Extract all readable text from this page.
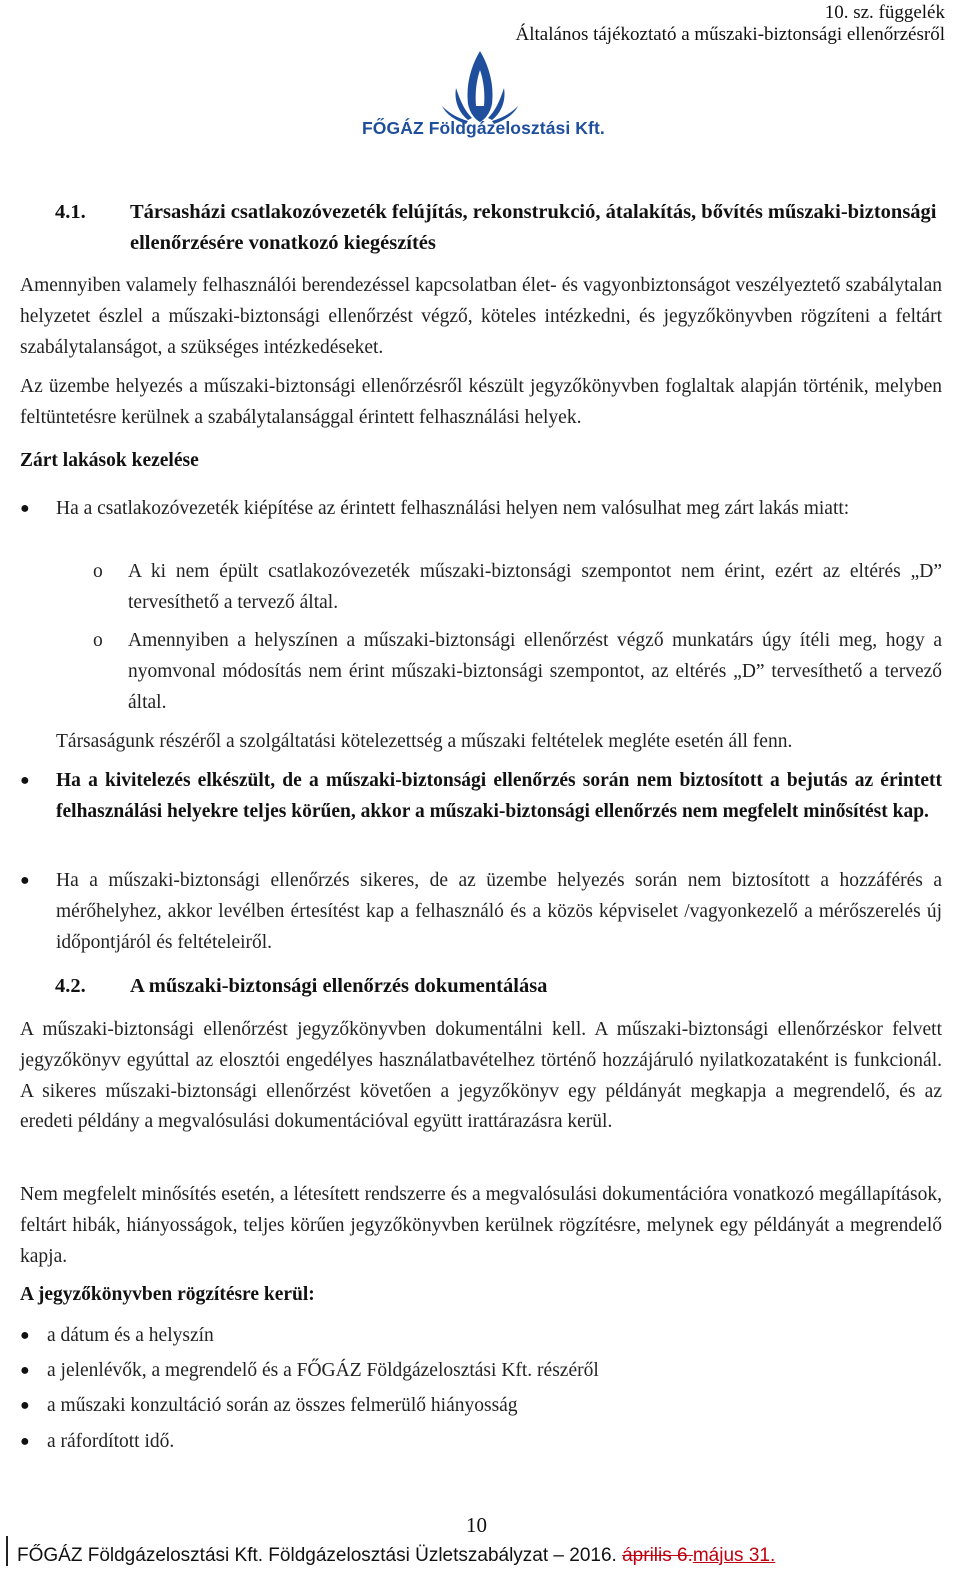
10. sz. függelék
Általános tájékoztató a műszaki-biztonsági ellenőrzésről
FŐGÁZ Földgázelosztási Kft.
4.1.	Társasházi csatlakozóvezeték felújítás, rekonstrukció, átalakítás, bővítés műszaki-biztonsági ellenőrzésére vonatkozó kiegészítés

Amennyiben valamely felhasználói berendezéssel kapcsolatban élet- és vagyonbiztonságot veszélyeztető szabálytalan helyzetet észlel a műszaki-biztonsági ellenőrzést végző, köteles intézkedni, és jegyzőkönyvben rögzíteni a feltárt szabálytalanságot, a szükséges intézkedéseket.

Az üzembe helyezés a műszaki-biztonsági ellenőrzésről készült jegyzőkönyvben foglaltak alapján történik, melyben feltüntetésre kerülnek a szabálytalansággal érintett felhasználási helyek.

Zárt lakások kezelése
● Ha a csatlakozóvezeték kiépítése az érintett felhasználási helyen nem valósulhat meg zárt lakás miatt:

o A ki nem épült csatlakozóvezeték műszaki-biztonsági szempontot nem érint, ezért az eltérés „D” tervesíthető a tervező által.

o Amennyiben a helyszínen a műszaki-biztonsági ellenőrzést végző munkatárs úgy ítéli meg, hogy a nyomvonal módosítás nem érint műszaki-biztonsági szempontot, az eltérés „D” tervesíthető a tervező által.

Társaságunk részéről a szolgáltatási kötelezettség a műszaki feltételek megléte esetén áll fenn.

● Ha a kivitelezés elkészült, de a műszaki-biztonsági ellenőrzés során nem biztosított a bejutás az érintett felhasználási helyekre teljes körűen, akkor a műszaki-biztonsági ellenőrzés nem megfelelt minősítést kap.

● Ha a műszaki-biztonsági ellenőrzés sikeres, de az üzembe helyezés során nem biztosított a hozzáférés a mérőhelyhez, akkor levélben értesítést kap a felhasználó és a közös képviselet /vagyonkezelő a mérőszerelés új időpontjáról és feltételeiről.

4.2.	A műszaki-biztonsági ellenőrzés dokumentálása

A műszaki-biztonsági ellenőrzést jegyzőkönyvben dokumentálni kell. A műszaki-biztonsági ellenőrzéskor felvett jegyzőkönyv egyúttal az elosztói engedélyes használatbavételhez történő hozzájáruló nyilatkozataként is funkcionál. A sikeres műszaki-biztonsági ellenőrzést követően a jegyzőkönyv egy példányát megkapja a megrendelő, és az eredeti példány a megvalósulási dokumentációval együtt irattárazásra kerül.

Nem megfelelt minősítés esetén, a létesített rendszerre és a megvalósulási dokumentációra vonatkozó megállapítások, feltárt hibák, hiányosságok, teljes körűen jegyzőkönyvben kerülnek rögzítésre, melynek egy példányát a megrendelő kapja.

A jegyzőkönyvben rögzítésre kerül:
● a dátum és a helyszín
● a jelenlévők, a megrendelő és a FŐGÁZ Földgázelosztási Kft. részéről
● a műszaki konzultáció során az összes felmerülő hiányosság
● a ráfordított idő.
10
FŐGÁZ Földgázelosztási Kft. Földgázelosztási Üzletszabályzat – 2016. április 6.május 31.
